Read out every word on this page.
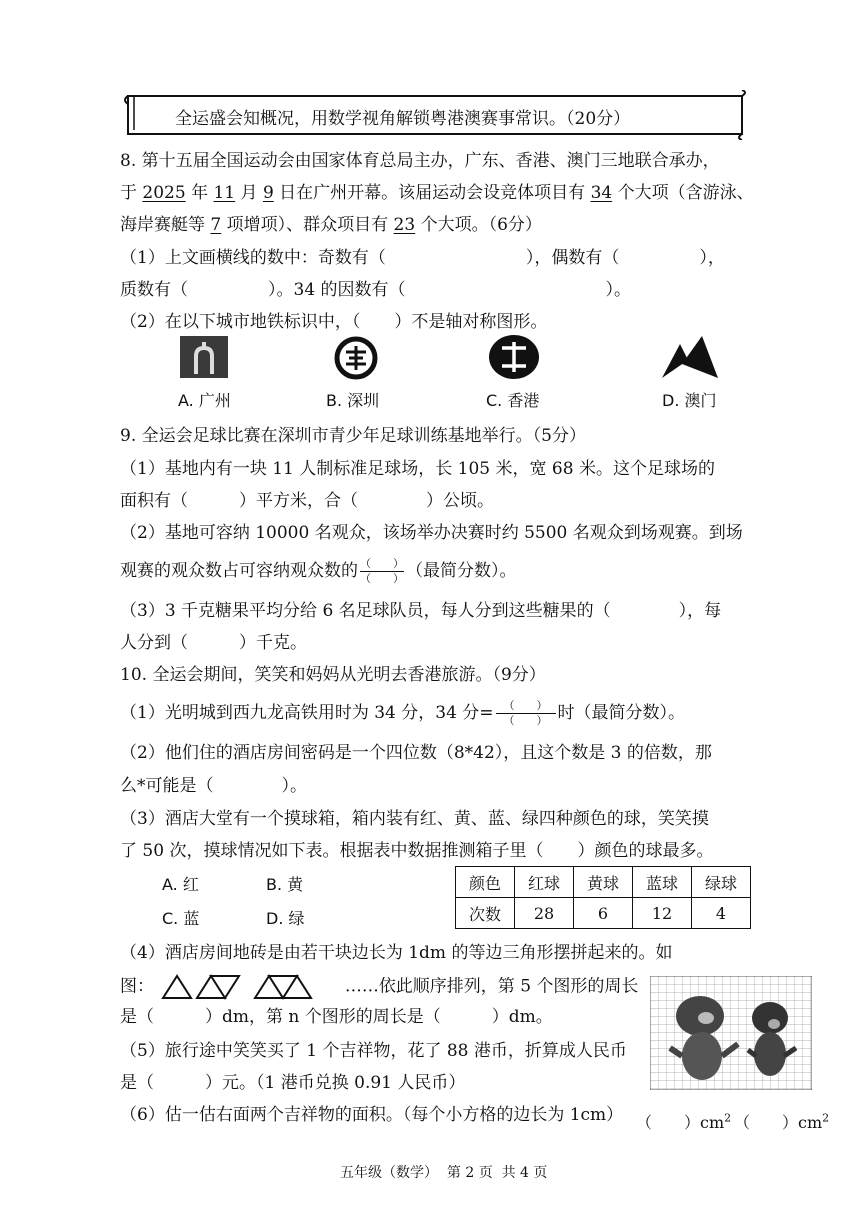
全运盛会知概况，用数学视角解锁粤港澳赛事常识。（20分）
8. 第十五届全国运动会由国家体育总局主办，广东、香港、澳门三地联合承办，
于 2025 年 11 月 9 日在广州开幕。该届运动会设竞体项目有 34 个大项（含游泳、
海岸赛艇等 7 项增项）、群众项目有 23 个大项。（6分）
（1）上文画横线的数中：奇数有（	），偶数有（	），
质数有（	）。34 的因数有（	）。
（2）在以下城市地铁标识中，（　　）不是轴对称图形。
A. 广州	B. 深圳	C. 香港	D. 澳门
9. 全运会足球比赛在深圳市青少年足球训练基地举行。（5分）
（1）基地内有一块 11 人制标准足球场，长 105 米，宽 68 米。这个足球场的
面积有（　　　）平方米，合（　　　　）公顷。
（2）基地可容纳 10000 名观众，该场举办决赛时约 5500 名观众到场观赛。到场
观赛的观众数占可容纳观众数的 $\frac{( )}{( )}$ （最简分数）。
（3）3 千克糖果平均分给 6 名足球队员，每人分到这些糖果的（　　　　），每
人分到（　　　）千克。
10. 全运会期间，笑笑和妈妈从光明去香港旅游。（9分）
（1）光明城到西九龙高铁用时为 34 分，34 分= $\frac{( )}{( )}$ 时（最简分数）。
（2）他们住的酒店房间密码是一个四位数（8*42），且这个数是 3 的倍数，那
么*可能是（　　　　）。
（3）酒店大堂有一个摸球箱，箱内装有红、黄、蓝、绿四种颜色的球，笑笑摸
了 50 次，摸球情况如下表。根据表中数据推测箱子里（　　）颜色的球最多。
A. 红	B. 黄
C. 蓝	D. 绿
颜色	红球	黄球	蓝球	绿球
次数	28	6	12	4
（4）酒店房间地砖是由若干块边长为 1dm 的等边三角形摆拼起来的。如
图：	……依此顺序排列，第 5 个图形的周长
是（　　　）dm，第 n 个图形的周长是（　　　）dm。
（5）旅行途中笑笑买了 1 个吉祥物，花了 88 港币，折算成人民币
是（　　　）元。（1 港币兑换 0.91 人民币）
（6）估一估右面两个吉祥物的面积。（每个小方格的边长为 1cm） （　　）$cm^2$ （　　）$cm^2$
五年级（数学）  第 2 页  共 4 页
